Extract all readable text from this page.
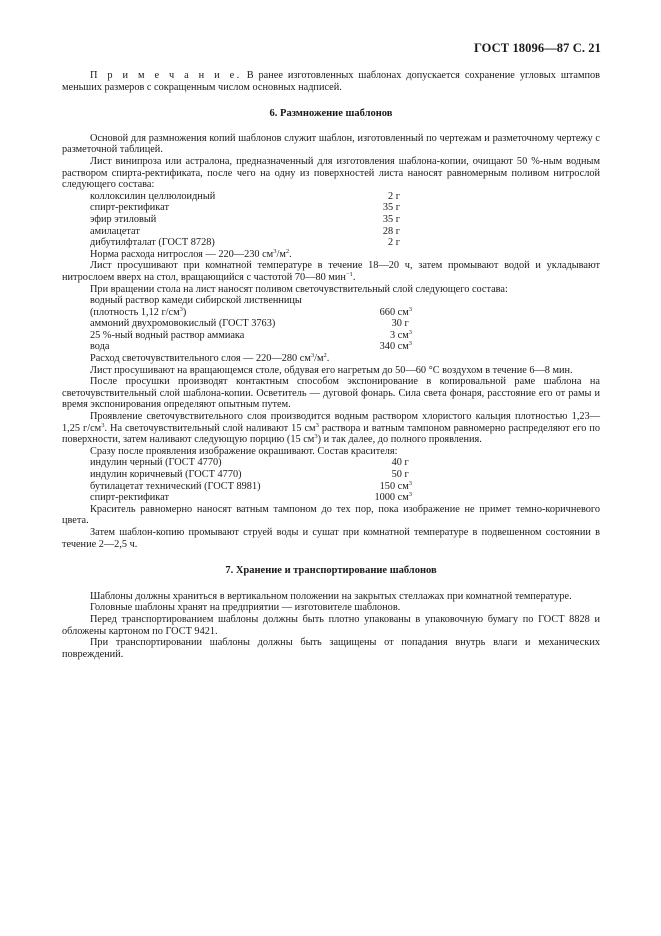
ГОСТ 18096—87 С. 21

П р и м е ч а н и е. В ранее изготовленных шаблонах допускается сохранение угловых штампов меньших размеров с сокращенным числом основных надписей.

6. Размножение шаблонов

Основой для размножения копий шаблонов служит шаблон, изготовленный по чертежам и разметочному чертежу с разметочной таблицей.

Лист винипроза или астралона, предназначенный для изготовления шаблона-копии, очищают 50 %-ным водным раствором спирта-ректификата, после чего на одну из поверхностей листа наносят равномерным поливом нитрослой следующего состава:

коллоксилин целлюлоидный	2 г
спирт-ректификат	35 г
эфир этиловый	35 г
амилацетат	28 г
дибутилфталат (ГОСТ 8728)	2 г

Норма расхода нитрослоя — 220—230 $см^3/м^2$.

Лист просушивают при комнатной температуре в течение 18—20 ч, затем промывают водой и укладывают нитрослоем вверх на стол, вращающийся с частотой 70—80 мин$^{-1}$.

При вращении стола на лист наносят поливом светочувствительный слой следующего состава:

водный раствор камеди сибирской лиственницы
(плотность 1,12 $г/см^3$)	660 $см^3$
аммоний двухромовокислый (ГОСТ 3763)	30 г
25 %-ный водный раствор аммиака	3 $см^3$
вода	340 $см^3$

Расход светочувствительного слоя — 220—280 $см^3/м^2$.

Лист просушивают на вращающемся столе, обдувая его нагретым до 50—60 °С воздухом в течение 6—8 мин.

После просушки производят контактным способом экспонирование в копировальной раме шаблона на светочувствительный слой шаблона-копии. Осветитель — дуговой фонарь. Сила света фонаря, расстояние его от рамы и время экспонирования определяют опытным путем.

Проявление светочувствительного слоя производится водным раствором хлористого кальция плотностью 1,23—1,25 $г/см^3$. На светочувствительный слой наливают 15 $см^3$ раствора и ватным тампоном равномерно распределяют его по поверхности, затем наливают следующую порцию (15 $см^3$) и так далее, до полного проявления.

Сразу после проявления изображение окрашивают. Состав красителя:

индулин черный (ГОСТ 4770)	40 г
индулин коричневый (ГОСТ 4770)	50 г
бутилацетат технический (ГОСТ 8981)	150 $см^3$
спирт-ректификат	1000 $см^3$

Краситель равномерно наносят ватным тампоном до тех пор, пока изображение не примет темно-коричневого цвета.

Затем шаблон-копию промывают струей воды и сушат при комнатной температуре в подвешенном состоянии в течение 2—2,5 ч.

7. Хранение и транспортирование шаблонов

Шаблоны должны храниться в вертикальном положении на закрытых стеллажах при комнатной температуре.

Головные шаблоны хранят на предприятии — изготовителе шаблонов.

Перед транспортированием шаблоны должны быть плотно упакованы в упаковочную бумагу по ГОСТ 8828 и обложены картоном по ГОСТ 9421.

При транспортировании шаблоны должны быть защищены от попадания внутрь влаги и механических повреждений.
